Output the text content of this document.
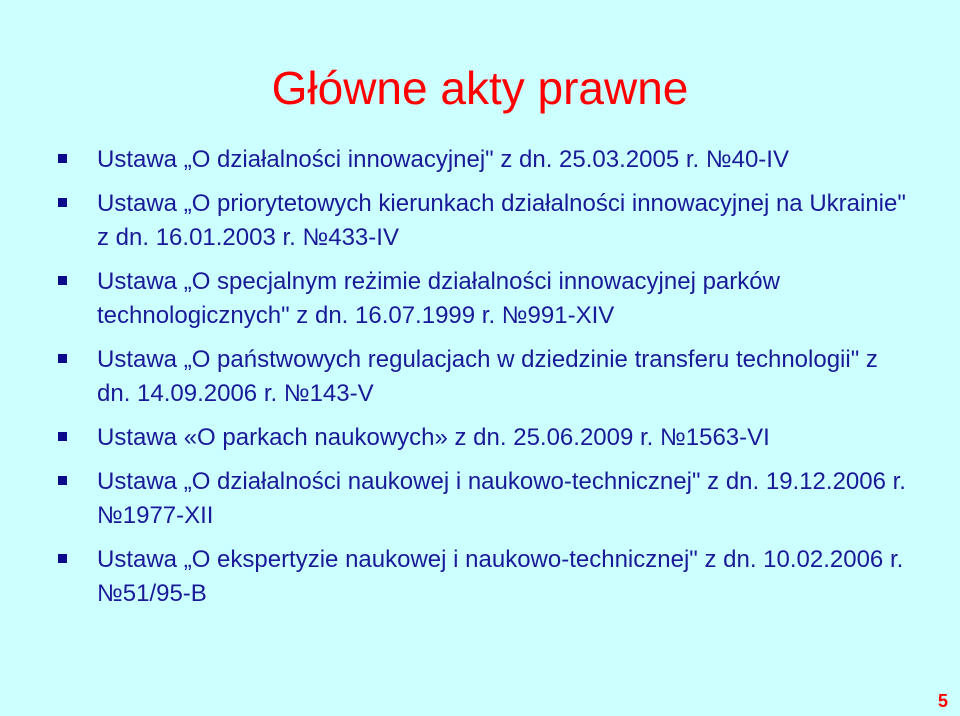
Główne akty prawne
Ustawa „O działalności innowacyjnej" z dn. 25.03.2005 r. №40-IV
Ustawa „O priorytetowych kierunkach działalności innowacyjnej na Ukrainie" z dn. 16.01.2003 r. №433-IV
Ustawa „O specjalnym reżimie działalności innowacyjnej parków technologicznych" z dn. 16.07.1999 r. №991-XIV
Ustawa „O państwowych regulacjach w dziedzinie transferu technologii" z dn. 14.09.2006 r. №143-V
Ustawa «O parkach naukowych» z dn. 25.06.2009 r. №1563-VI
Ustawa „O działalności naukowej i naukowo-technicznej" z dn. 19.12.2006 r. №1977-XII
Ustawa „O ekspertyzie naukowej i naukowo-technicznej" z dn. 10.02.2006 r. №51/95-В
5
